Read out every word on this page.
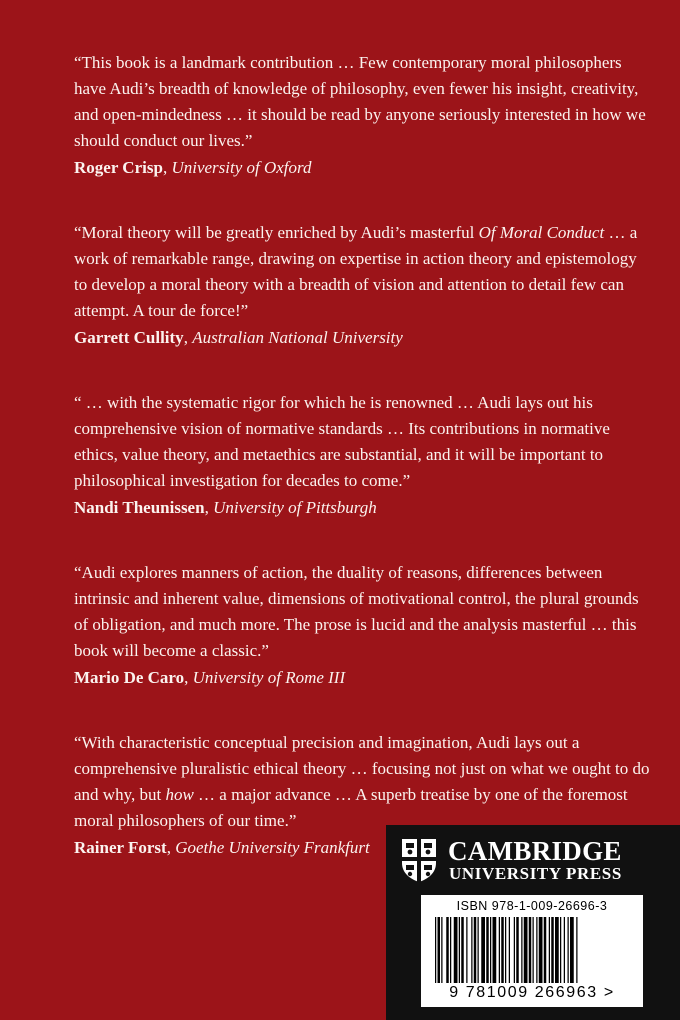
“This book is a landmark contribution … Few contemporary moral philosophers have Audi’s breadth of knowledge of philosophy, even fewer his insight, creativity, and open-mindedness … it should be read by anyone seriously interested in how we should conduct our lives.”
Roger Crisp, University of Oxford
“Moral theory will be greatly enriched by Audi’s masterful Of Moral Conduct … a work of remarkable range, drawing on expertise in action theory and epistemology to develop a moral theory with a breadth of vision and attention to detail few can attempt. A tour de force!”
Garrett Cullity, Australian National University
“ … with the systematic rigor for which he is renowned … Audi lays out his comprehensive vision of normative standards … Its contributions in normative ethics, value theory, and metaethics are substantial, and it will be important to philosophical investigation for decades to come.”
Nandi Theunissen, University of Pittsburgh
“Audi explores manners of action, the duality of reasons, differences between intrinsic and inherent value, dimensions of motivational control, the plural grounds of obligation, and much more. The prose is lucid and the analysis masterful … this book will become a classic.”
Mario De Caro, University of Rome III
“With characteristic conceptual precision and imagination, Audi lays out a comprehensive pluralistic ethical theory … focusing not just on what we ought to do and why, but how … a major advance … A superb treatise by one of the foremost moral philosophers of our time.”
Rainer Forst, Goethe University Frankfurt	CAMBRIDGE
UNIVERSITY PRESS
ISBN 978-1-009-26696-3
9 781009 266963 >
